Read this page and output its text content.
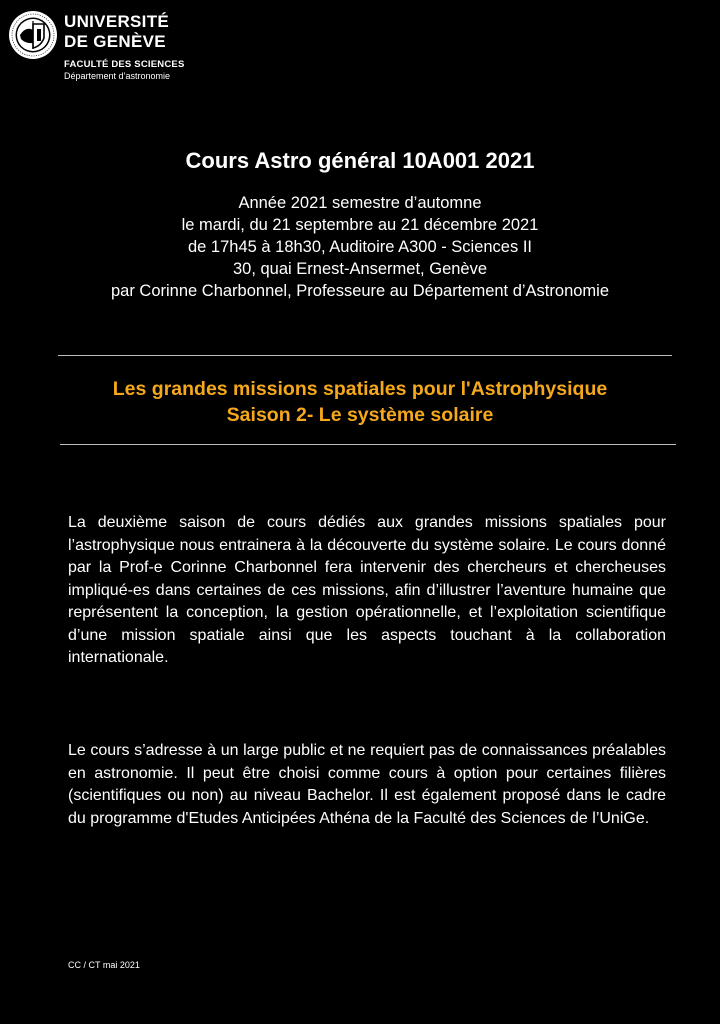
UNIVERSITÉ
DE GENÈVE
FACULTÉ DES SCIENCES
Département d’astronomie
Cours Astro général 10A001 2021
Année 2021 semestre d’automne
le mardi, du 21 septembre au 21 décembre 2021
de 17h45 à 18h30, Auditoire A300 - Sciences II
30, quai Ernest-Ansermet, Genève
par Corinne Charbonnel, Professeure au Département d’Astronomie
Les grandes missions spatiales pour l'Astrophysique
Saison 2- Le système solaire
La deuxième saison de cours dédiés aux grandes missions spatiales pour l’astrophysique nous entrainera à la découverte du système solaire. Le cours donné par la Prof-e Corinne Charbonnel fera intervenir des chercheurs et chercheuses impliqué-es dans certaines de ces missions, afin d’illustrer l’aventure humaine que représentent la conception, la gestion opérationnelle, et l’exploitation scientifique d’une mission spatiale ainsi que les aspects touchant à la collaboration internationale.
Le cours s’adresse à un large public et ne requiert pas de connaissances préalables en astronomie. Il peut être choisi comme cours à option pour certaines filières (scientifiques ou non) au niveau Bachelor. Il est également proposé dans le cadre du programme d'Etudes Anticipées Athéna de la Faculté des Sciences de l’UniGe.
CC / CT mai 2021
